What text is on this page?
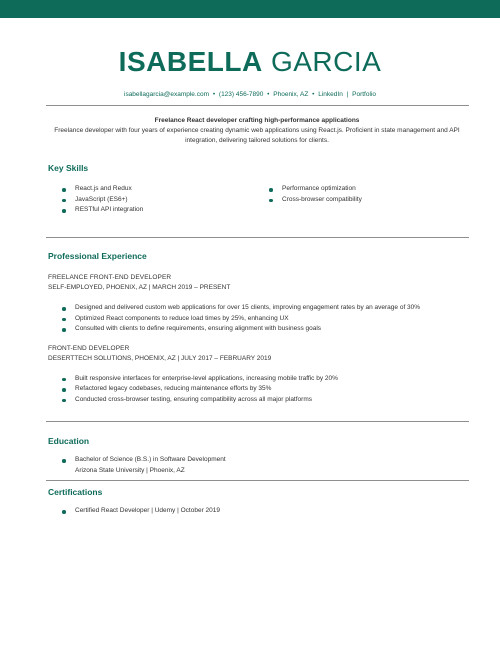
ISABELLA GARCIA
isabellagarcia@example.com • (123) 456-7890 • Phoenix, AZ • LinkedIn | Portfolio
Freelance React developer crafting high-performance applications
Freelance developer with four years of experience creating dynamic web applications using React.js. Proficient in state management and API integration, delivering tailored solutions for clients.
Key Skills
React.js and Redux
JavaScript (ES6+)
RESTful API integration
Performance optimization
Cross-browser compatibility
Professional Experience
FREELANCE FRONT-END DEVELOPER
SELF-EMPLOYED, PHOENIX, AZ | MARCH 2019 – PRESENT
Designed and delivered custom web applications for over 15 clients, improving engagement rates by an average of 30%
Optimized React components to reduce load times by 25%, enhancing UX
Consulted with clients to define requirements, ensuring alignment with business goals
FRONT-END DEVELOPER
DESERTTECH SOLUTIONS, PHOENIX, AZ | JULY 2017 – FEBRUARY 2019
Built responsive interfaces for enterprise-level applications, increasing mobile traffic by 20%
Refactored legacy codebases, reducing maintenance efforts by 35%
Conducted cross-browser testing, ensuring compatibility across all major platforms
Education
Bachelor of Science (B.S.) in Software Development
Arizona State University | Phoenix, AZ
Certifications
Certified React Developer | Udemy | October 2019
